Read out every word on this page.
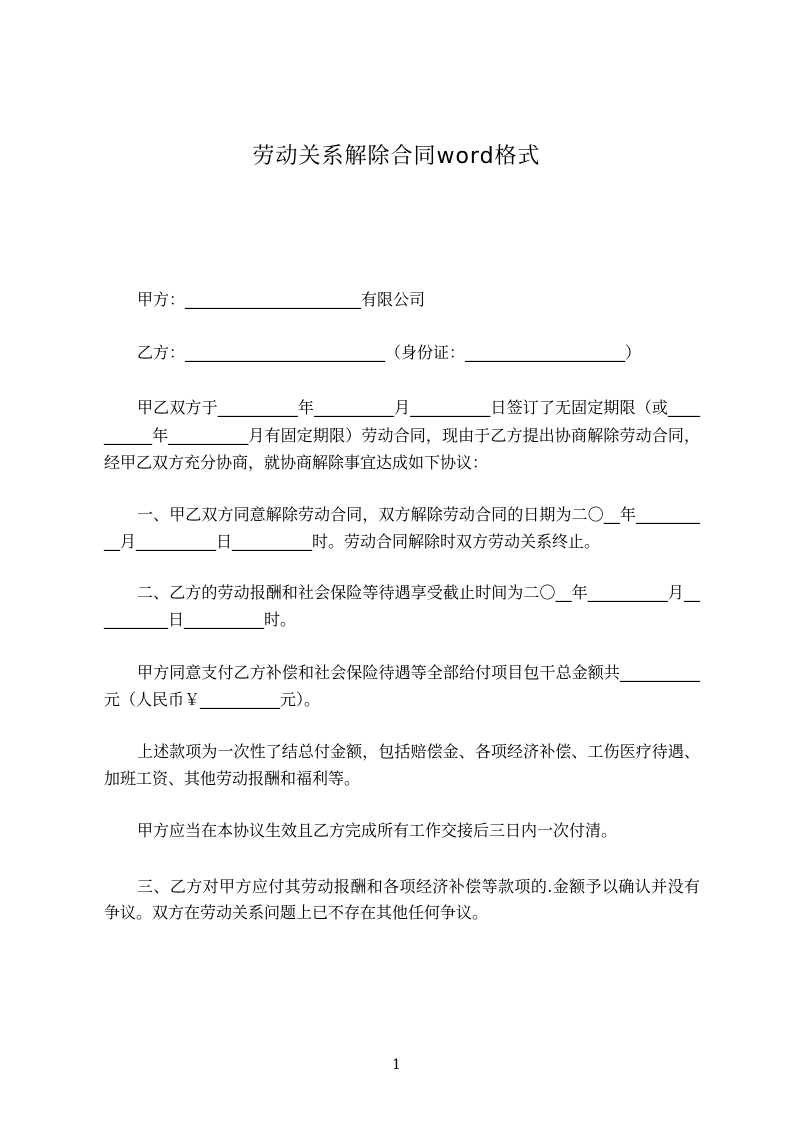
劳动关系解除合同word格式
甲方：______________________有限公司
乙方：_________________________（身份证：____________________）
甲乙双方于__________年__________月__________日签订了无固定期限（或____
______年__________月有固定期限）劳动合同，现由于乙方提出协商解除劳动合同，
经甲乙双方充分协商，就协商解除事宜达成如下协议：
一、甲乙双方同意解除劳动合同，双方解除劳动合同的日期为二〇__年________
__月__________日__________时。劳动合同解除时双方劳动关系终止。
二、乙方的劳动报酬和社会保险等待遇享受截止时间为二〇__年__________月__
________日__________时。
甲方同意支付乙方补偿和社会保险待遇等全部给付项目包干总金额共__________
元（人民币￥__________元）。
上述款项为一次性了结总付金额，包括赔偿金、各项经济补偿、工伤医疗待遇、
加班工资、其他劳动报酬和福利等。
甲方应当在本协议生效且乙方完成所有工作交接后三日内一次付清。
三、乙方对甲方应付其劳动报酬和各项经济补偿等款项的.金额予以确认并没有
争议。双方在劳动关系问题上已不存在其他任何争议。
1
